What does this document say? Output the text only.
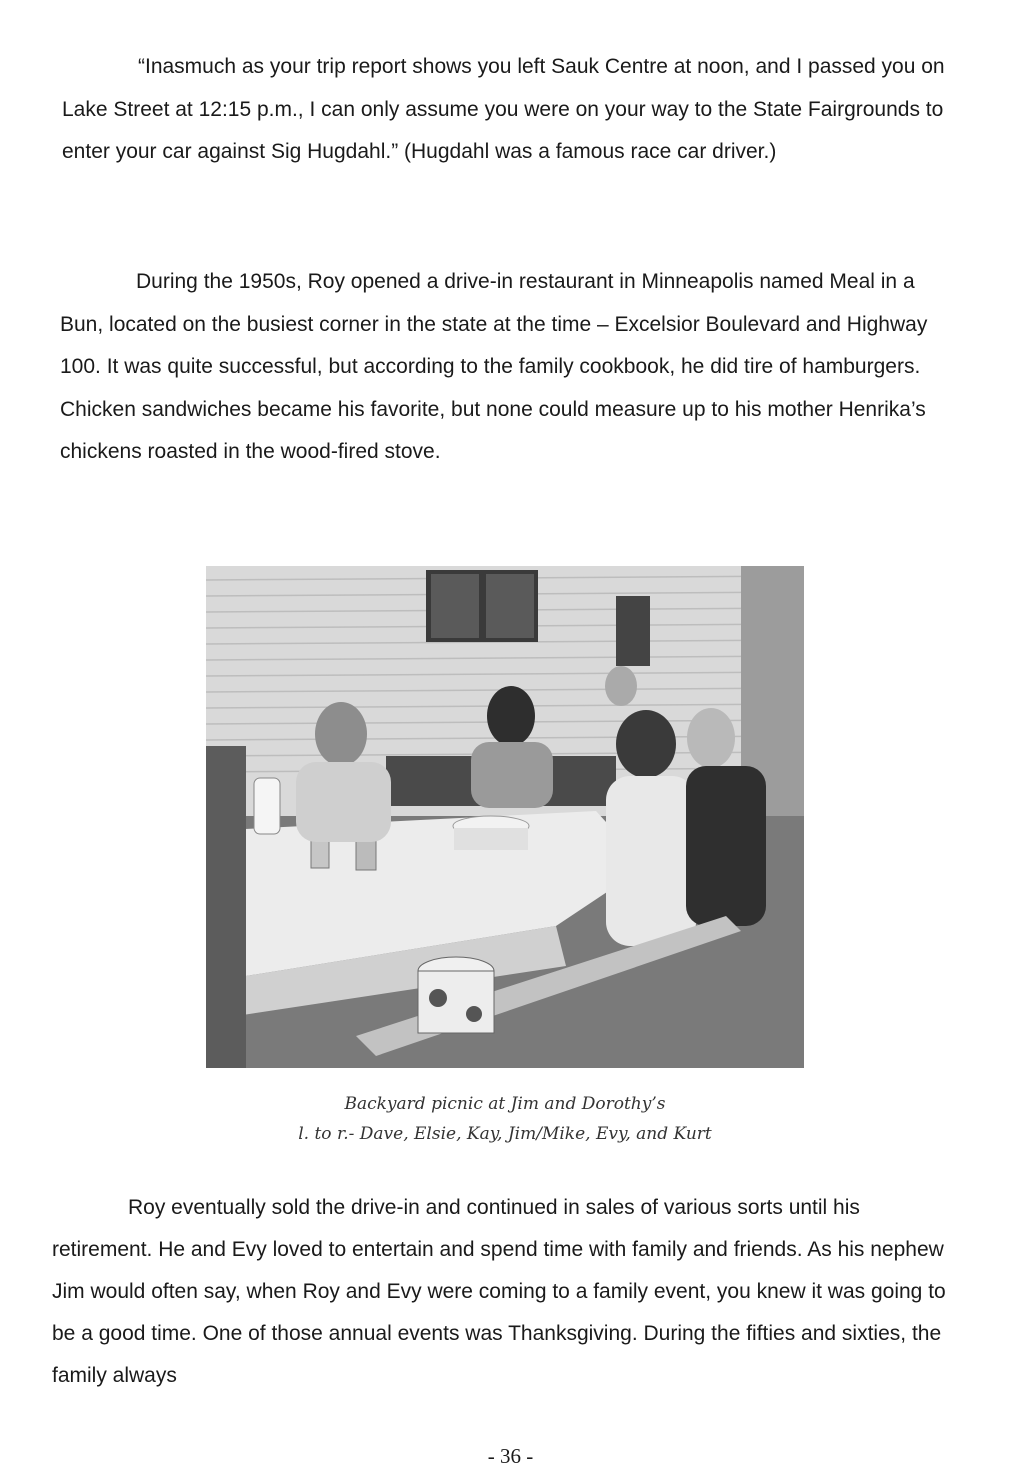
“Inasmuch as your trip report shows you left Sauk Centre at noon, and I passed you on Lake Street at 12:15 p.m., I can only assume you were on your way to the State Fairgrounds to enter your car against Sig Hugdahl.” (Hugdahl was a famous race car driver.)

During the 1950s, Roy opened a drive-in restaurant in Minneapolis named Meal in a Bun, located on the busiest corner in the state at the time – Excelsior Boulevard and Highway 100. It was quite successful, but according to the family cookbook, he did tire of hamburgers. Chicken sandwiches became his favorite, but none could measure up to his mother Henrika’s chickens roasted in the wood-fired stove.

Backyard picnic at Jim and Dorothy’s
l. to r.- Dave, Elsie, Kay, Jim/Mike, Evy, and Kurt

Roy eventually sold the drive-in and continued in sales of various sorts until his retirement. He and Evy loved to entertain and spend time with family and friends. As his nephew Jim would often say, when Roy and Evy were coming to a family event, you knew it was going to be a good time. One of those annual events was Thanksgiving. During the fifties and sixties, the family always

- 36 -
